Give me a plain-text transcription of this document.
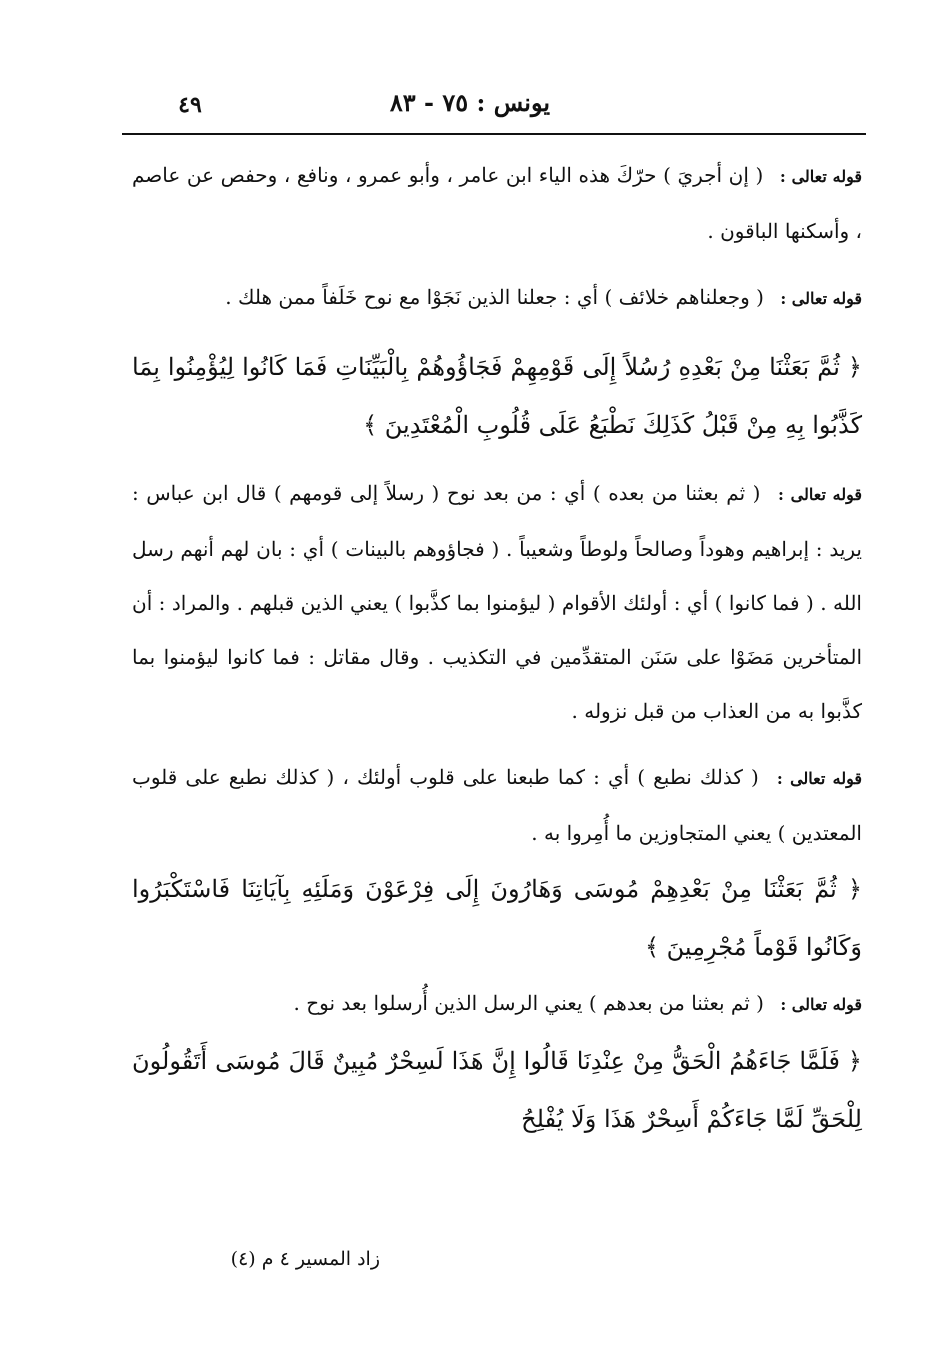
يونس : ٧٥ - ٨٣
٤٩

قوله تعالى : ( إن أجريَ ) حرّكَ هذه الياء ابن عامر ، وأبو عمرو ، ونافع ، وحفص عن عاصم ، وأسكنها الباقون .

قوله تعالى : ( وجعلناهم خلائف ) أي : جعلنا الذين نَجَوْا مع نوح خَلَفاً ممن هلك .

﴿ ثُمَّ بَعَثْنَا مِنْ بَعْدِهِ رُسُلاً إِلَى قَوْمِهِمْ فَجَاؤُوهُمْ بِالْبَيِّنَاتِ فَمَا كَانُوا لِيُؤْمِنُوا بِمَا كَذَّبُوا بِهِ مِنْ قَبْلُ كَذَلِكَ نَطْبَعُ عَلَى قُلُوبِ الْمُعْتَدِينَ ﴾

قوله تعالى : ( ثم بعثنا من بعده ) أي : من بعد نوح ( رسلاً إلى قومهم ) قال ابن عباس : يريد : إبراهيم وهوداً وصالحاً ولوطاً وشعيباً . ( فجاؤوهم بالبينات ) أي : بان لهم أنهم رسل الله . ( فما كانوا ) أي : أولئك الأقوام ( ليؤمنوا بما كذَّبوا ) يعني الذين قبلهم . والمراد : أن المتأخرين مَضَوْا على سَنَن المتقدِّمين في التكذيب . وقال مقاتل : فما كانوا ليؤمنوا بما كذَّبوا به من العذاب من قبل نزوله .

قوله تعالى : ( كذلك نطبع ) أي : كما طبعنا على قلوب أولئك ، ( كذلك نطبع على قلوب المعتدين ) يعني المتجاوزين ما أُمِروا به .

﴿ ثُمَّ بَعَثْنَا مِنْ بَعْدِهِمْ مُوسَى وَهَارُونَ إِلَى فِرْعَوْنَ وَمَلَئِهِ بِآيَاتِنَا فَاسْتَكْبَرُوا وَكَانُوا قَوْماً مُجْرِمِينَ ﴾

قوله تعالى : ( ثم بعثنا من بعدهم ) يعني الرسل الذين أُرسلوا بعد نوح .

﴿ فَلَمَّا جَاءَهُمُ الْحَقُّ مِنْ عِنْدِنَا قَالُوا إِنَّ هَذَا لَسِحْرٌ مُبِينٌ قَالَ مُوسَى أَتَقُولُونَ لِلْحَقِّ لَمَّا جَاءَكُمْ أَسِحْرٌ هَذَا وَلَا يُفْلِحُ

زاد المسير ٤ م (٤)
